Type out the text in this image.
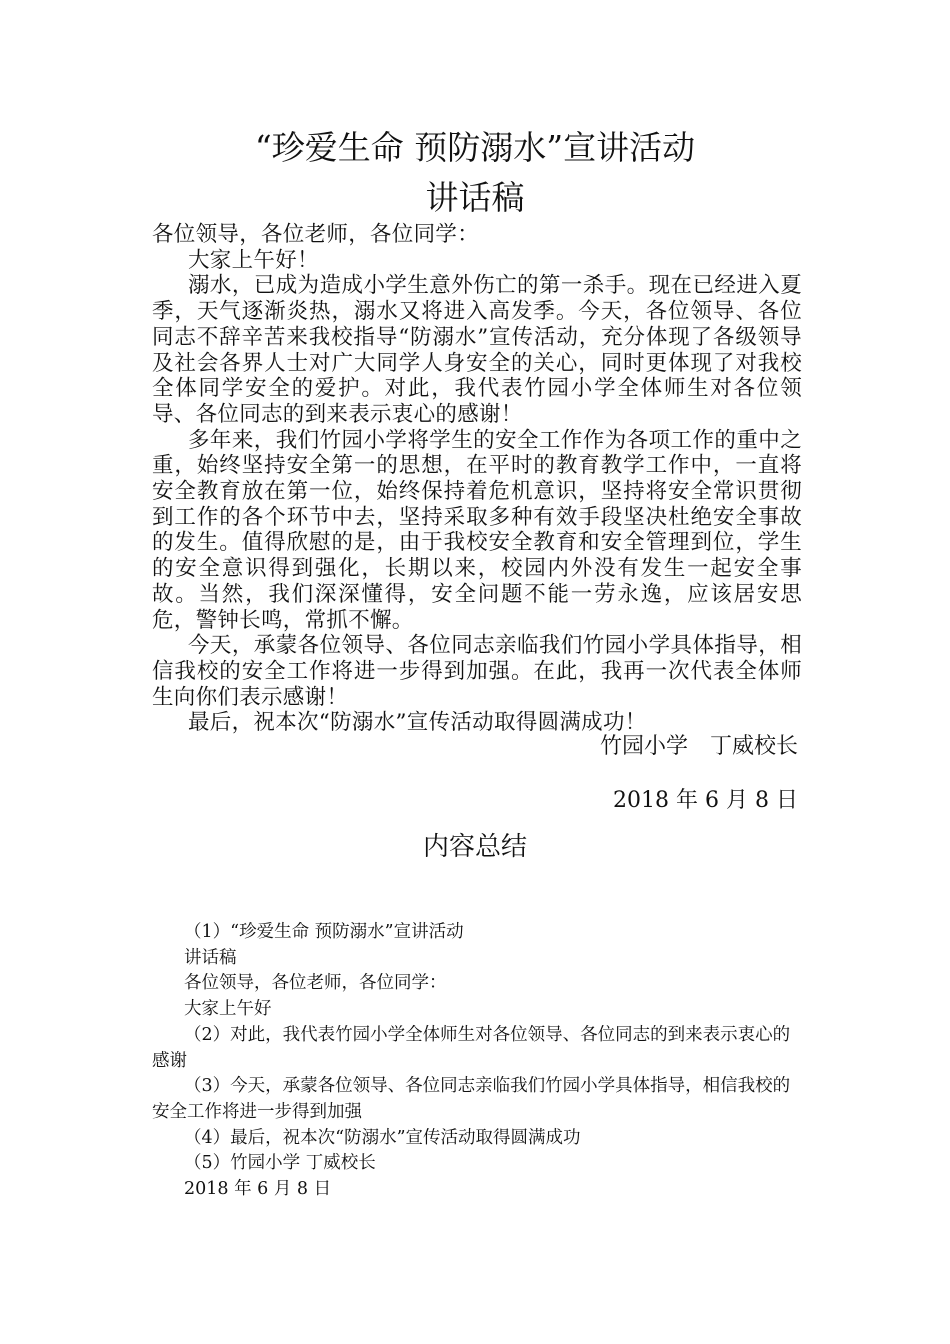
“珍爱生命 预防溺水”宣讲活动
讲话稿

各位领导，各位老师，各位同学：

大家上午好！

溺水，已成为造成小学生意外伤亡的第一杀手。现在已经进入夏季，天气逐渐炎热，溺水又将进入高发季。今天，各位领导、各位同志不辞辛苦来我校指导“防溺水”宣传活动，充分体现了各级领导及社会各界人士对广大同学人身安全的关心，同时更体现了对我校全体同学安全的爱护。对此，我代表竹园小学全体师生对各位领导、各位同志的到来表示衷心的感谢！

多年来，我们竹园小学将学生的安全工作作为各项工作的重中之重，始终坚持安全第一的思想，在平时的教育教学工作中，一直将安全教育放在第一位，始终保持着危机意识，坚持将安全常识贯彻到工作的各个环节中去，坚持采取多种有效手段坚决杜绝安全事故的发生。值得欣慰的是，由于我校安全教育和安全管理到位，学生的安全意识得到强化，长期以来，校园内外没有发生一起安全事故。当然，我们深深懂得，安全问题不能一劳永逸，应该居安思危，警钟长鸣，常抓不懈。

今天，承蒙各位领导、各位同志亲临我们竹园小学具体指导，相信我校的安全工作将进一步得到加强。在此，我再一次代表全体师生向你们表示感谢！

最后，祝本次“防溺水”宣传活动取得圆满成功！

竹园小学　丁威校长
2018 年 6 月 8 日
内容总结

（1）“珍爱生命 预防溺水”宣讲活动

讲话稿

各位领导，各位老师，各位同学：

大家上午好

（2）对此，我代表竹园小学全体师生对各位领导、各位同志的到来表示衷心的感谢

（3）今天，承蒙各位领导、各位同志亲临我们竹园小学具体指导，相信我校的安全工作将进一步得到加强

（4）最后，祝本次“防溺水”宣传活动取得圆满成功

（5）竹园小学 丁威校长

2018 年 6 月 8 日
